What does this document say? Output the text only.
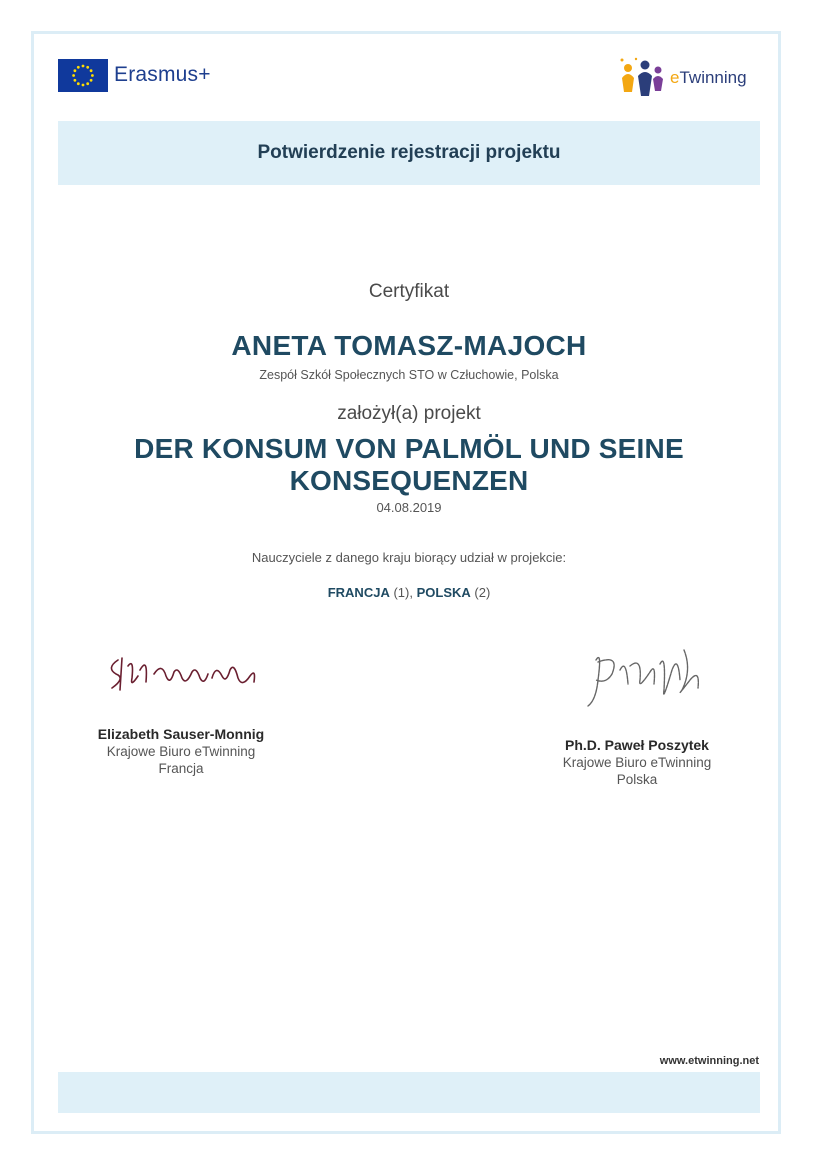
Erasmus+	eTwinning
Potwierdzenie rejestracji projektu
Certyfikat
ANETA TOMASZ-MAJOCH
Zespół Szkół Społecznych STO w Człuchowie, Polska
założył(a) projekt
DER KONSUM VON PALMÖL UND SEINE
KONSEQUENZEN
04.08.2019
Nauczyciele z danego kraju biorący udział w projekcie:
FRANCJA (1), POLSKA (2)
Elizabeth Sauser-Monnig
Krajowe Biuro eTwinning
Francja
Ph.D. Paweł Poszytek
Krajowe Biuro eTwinning
Polska
www.etwinning.net
